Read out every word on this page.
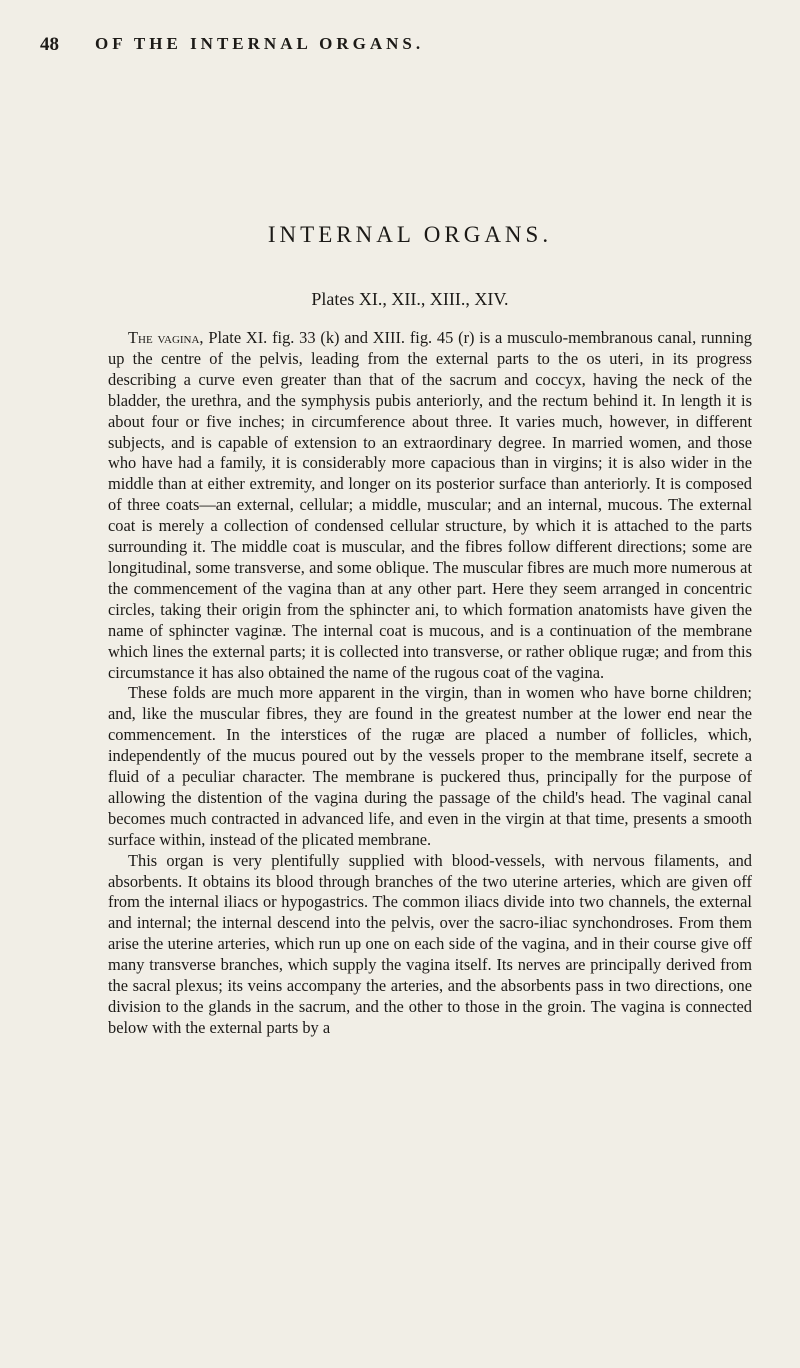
48 OF THE INTERNAL ORGANS.
INTERNAL ORGANS.
Plates XI., XII., XIII., XIV.

The vagina, Plate XI. fig. 33 (k) and XIII. fig. 45 (r) is a musculo-membranous canal, running up the centre of the pelvis, leading from the external parts to the os uteri, in its progress describing a curve even greater than that of the sacrum and coccyx, having the neck of the bladder, the urethra, and the symphysis pubis anteriorly, and the rectum behind it. In length it is about four or five inches; in circumference about three. It varies much, however, in different subjects, and is capable of extension to an extraordinary degree. In married women, and those who have had a family, it is considerably more capacious than in virgins; it is also wider in the middle than at either extremity, and longer on its posterior surface than anteriorly. It is composed of three coats—an external, cellular; a middle, muscular; and an internal, mucous. The external coat is merely a collection of condensed cellular structure, by which it is attached to the parts surrounding it. The middle coat is muscular, and the fibres follow different directions; some are longitudinal, some transverse, and some oblique. The muscular fibres are much more numerous at the commencement of the vagina than at any other part. Here they seem arranged in concentric circles, taking their origin from the sphincter ani, to which formation anatomists have given the name of sphincter vaginæ. The internal coat is mucous, and is a continuation of the membrane which lines the external parts; it is collected into transverse, or rather oblique rugæ; and from this circumstance it has also obtained the name of the rugous coat of the vagina.

These folds are much more apparent in the virgin, than in women who have borne children; and, like the muscular fibres, they are found in the greatest number at the lower end near the commencement. In the interstices of the rugæ are placed a number of follicles, which, independently of the mucus poured out by the vessels proper to the membrane itself, secrete a fluid of a peculiar character. The membrane is puckered thus, principally for the purpose of allowing the distention of the vagina during the passage of the child's head. The vaginal canal becomes much contracted in advanced life, and even in the virgin at that time, presents a smooth surface within, instead of the plicated membrane.

This organ is very plentifully supplied with blood-vessels, with nervous filaments, and absorbents. It obtains its blood through branches of the two uterine arteries, which are given off from the internal iliacs or hypogastrics. The common iliacs divide into two channels, the external and internal; the internal descend into the pelvis, over the sacro-iliac synchondroses. From them arise the uterine arteries, which run up one on each side of the vagina, and in their course give off many transverse branches, which supply the vagina itself. Its nerves are principally derived from the sacral plexus; its veins accompany the arteries, and the absorbents pass in two directions, one division to the glands in the sacrum, and the other to those in the groin. The vagina is connected below with the external parts by a
